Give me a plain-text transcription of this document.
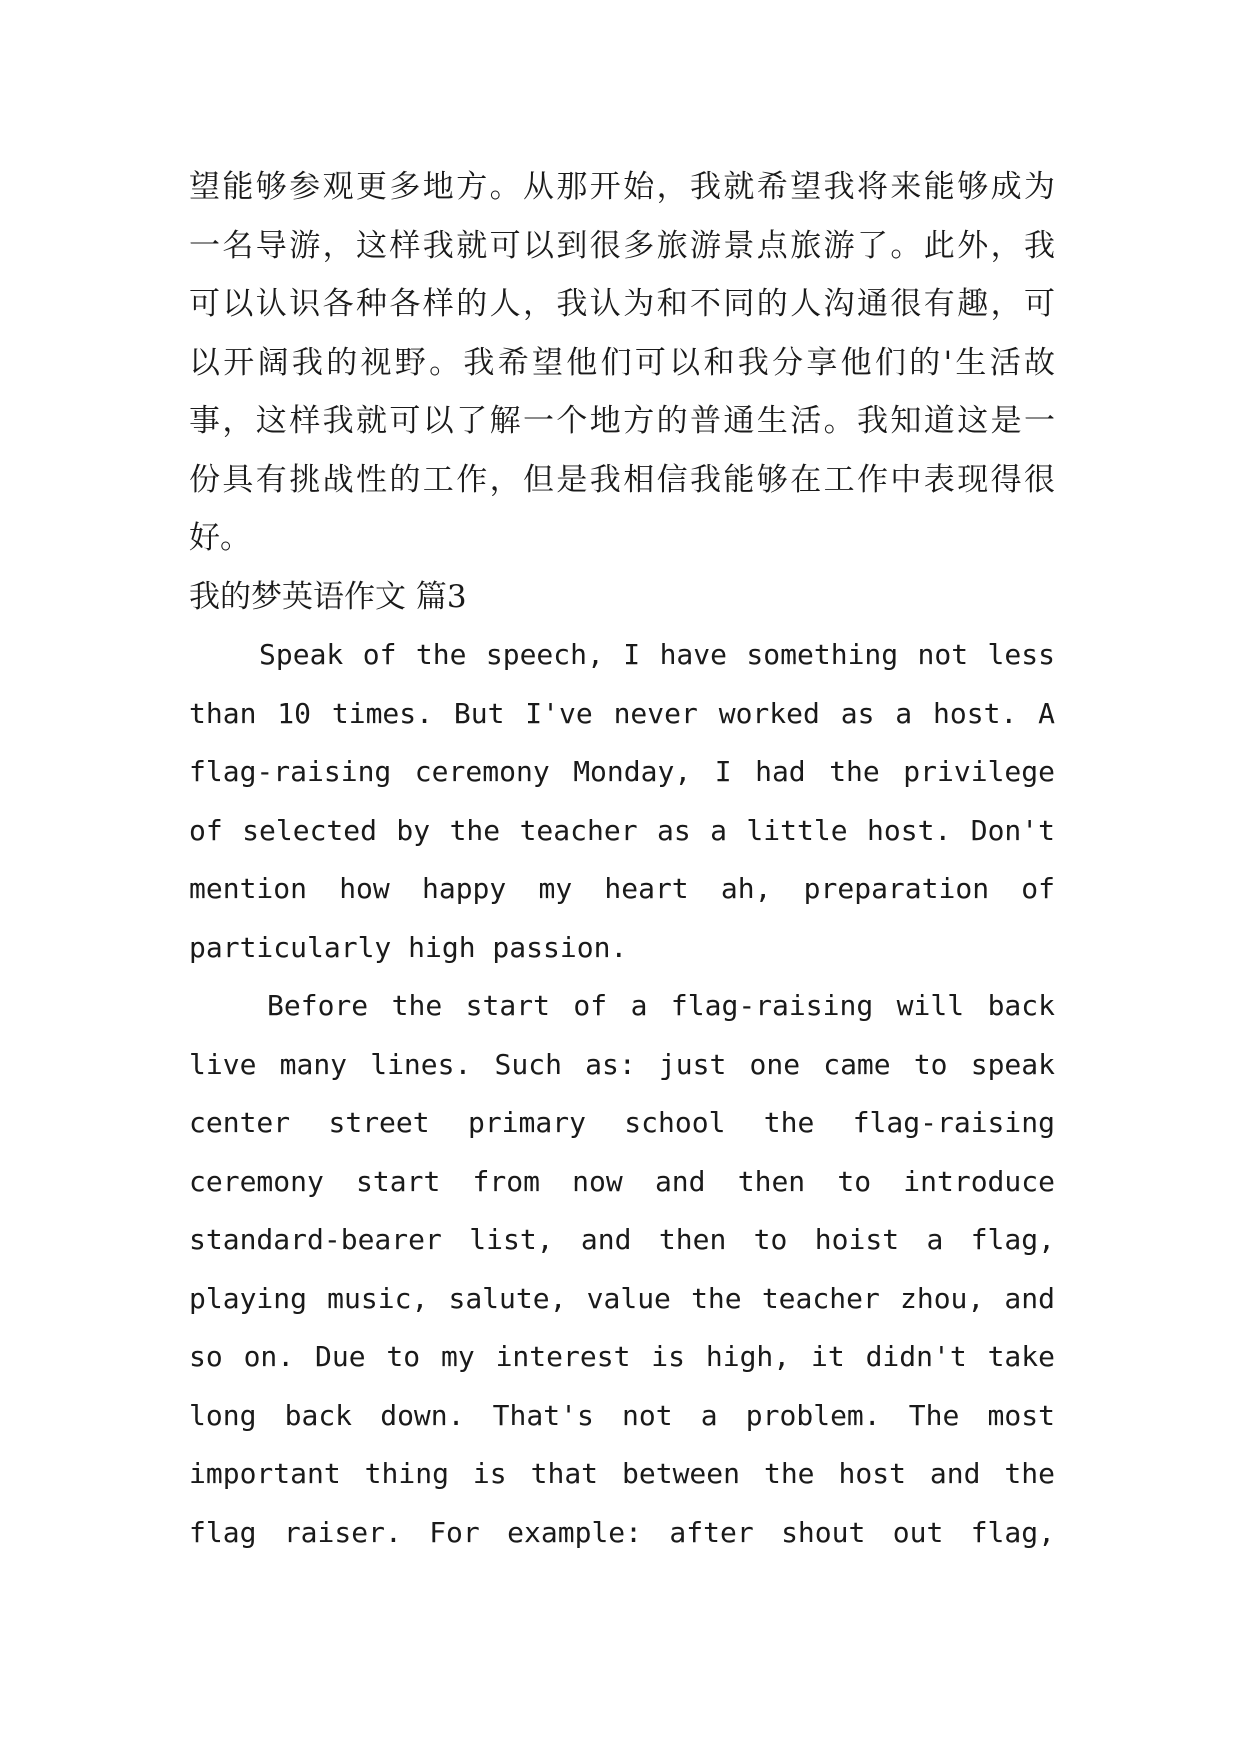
望能够参观更多地方。从那开始，我就希望我将来能够成为
一名导游，这样我就可以到很多旅游景点旅游了。此外，我
可以认识各种各样的人，我认为和不同的人沟通很有趣，可
以开阔我的视野。我希望他们可以和我分享他们的'生活故
事，这样我就可以了解一个地方的普通生活。我知道这是一
份具有挑战性的工作，但是我相信我能够在工作中表现得很
好。
我的梦英语作文 篇3
Speak of the speech, I have something not less
than 10 times. But I've never worked as a host. A
flag-raising ceremony Monday, I had the privilege
of selected by the teacher as a little host. Don't
mention how happy my heart ah, preparation of
particularly high passion.
Before the start of a flag-raising will back
live many lines. Such as: just one came to speak
center street primary school the flag-raising
ceremony start from now and then to introduce
standard-bearer list, and then to hoist a flag,
playing music, salute, value the teacher zhou, and
so on. Due to my interest is high, it didn't take
long back down. That's not a problem. The most
important thing is that between the host and the
flag raiser. For example: after shout out flag,
